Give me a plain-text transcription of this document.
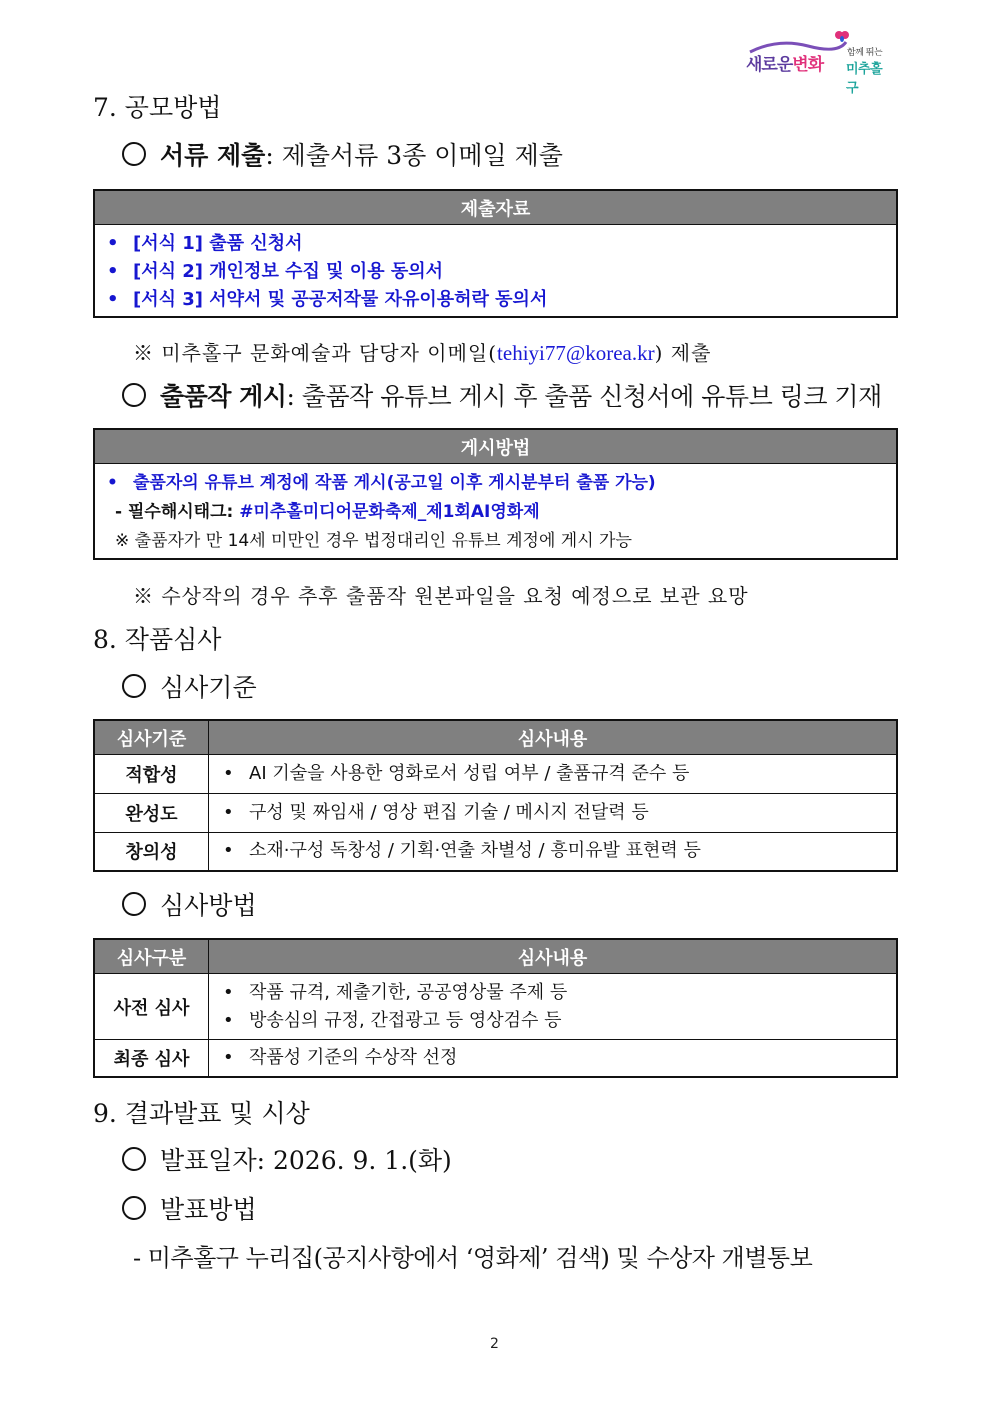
새로운변화
함께 뛰는
미추홀구
7. 공모방법
서류 제출: 제출서류 3종 이메일 제출
제출자료

• [서식 1] 출품 신청서
• [서식 2] 개인정보 수집 및 이용 동의서
• [서식 3] 서약서 및 공공저작물 자유이용허락 동의서
※ 미추홀구 문화예술과 담당자 이메일(tehiyi77@korea.kr) 제출
출품작 게시: 출품작 유튜브 게시 후 출품 신청서에 유튜브 링크 기재
게시방법

• 출품자의 유튜브 계정에 작품 게시(공고일 이후 게시분부터 출품 가능)
- 필수해시태그: #미추홀미디어문화축제_제1회AI영화제
※ 출품자가 만 14세 미만인 경우 법정대리인 유튜브 계정에 게시 가능
※ 수상작의 경우 추후 출품작 원본파일을 요청 예정으로 보관 요망
8. 작품심사
심사기준
심사기준	심사내용
적합성	• AI 기술을 사용한 영화로서 성립 여부 / 출품규격 준수 등

완성도	• 구성 및 짜임새 / 영상 편집 기술 / 메시지 전달력 등

창의성	• 소재·구성 독창성 / 기획·연출 차별성 / 흥미유발 표현력 등
심사방법
심사구분	심사내용
사전 심사	• 작품 규격, 제출기한, 공공영상물 주제 등
• 방송심의 규정, 간접광고 등 영상검수 등

최종 심사	• 작품성 기준의 수상작 선정
9. 결과발표 및 시상
발표일자: 2026. 9. 1.(화)
발표방법
- 미추홀구 누리집(공지사항에서 ‘영화제’ 검색) 및 수상자 개별통보
2
